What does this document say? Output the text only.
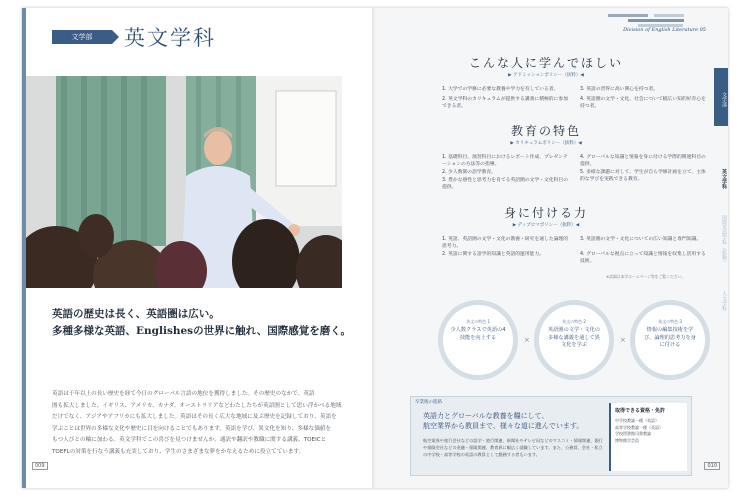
文学部	英文学科
英語の歴史は長く、英語圏は広い。
多種多様な英語、Englishesの世界に触れ、国際感覚を磨く。
英語は千年以上の長い歴史を経て今日のグローバル言語の地位を獲得しました。その歴史のなかで、英語
圏も拡大しました。イギリス、アメリカ、カナダ、オーストラリアなどわたしたちが英語圏として思い浮かべる地域
だけでなく、アジアやアフリカにも拡大しました。英語はその長く広大な地域に及ぶ歴史を記録しており、英語を
学ぶことは世界の多様な文化や歴史に目を向けることでもあります。英語を学び、異文化を知り、多様な価値を
もつ人びとの輪に加わる。英文学科でこの喜びを見つけませんか。通訳や翻訳や教職に関する講義、TOEICと
TOEFLの対策を行なう講義も充実しており、学生のさまざまな夢をかなえるために役立てています。
009
Division of English Literature 05
文学部
英文学科
国際英語学科（仮称）
人文学科
こんな人に学んでほしい
▶ アドミッションポリシー（抜粋）◀
1. 大学での学修に必要な教養や学力を有している者。
2. 英文学科のカリキュラムが提供する講義に積極的に参加できる者。
3. 英語の習得に高い関心を持つ者。
4. 英語圏の文学・文化、社会について幅広い知的好奇心を持つ者。
教育の特色
▶ カリキュラムポリシー（抜粋）◀
1. 基礎科目、演習科目におけるレポート作成、プレゼンテーションの方法等の指導。
2. 少人数制の語学教育。
3. 豊かな感性と思考力を育てる英語圏の文学・文化科目の提供。
4. グローバルな知識と情報を身に付ける学際的関連科目の提供。
5. 多様な課題に対して、学生が自ら学修計画を立て、主体的な学びを実践できる教育。
身に付ける力
▶ ディプロマポリシー（抜粋）◀
1. 英語、英語圏の文学・文化の教養・研究を通した論理的思考力。
2. 英語に関する語学的知識と英語的運用能力。
3. 英語圏の文学・文化についての広い知識と専門知識。
4. グローバルな視点に立って知識と情報を収集し活用する技術。
※詳細は本学ホームページ等をご覧ください。
英文の特色 1
少人数クラスで英語の4技能を向上する	×
英文の特色 2
英語圏の文学・文化の多様な講義を通して異文化を学ぶ
×
英文の特色 3
情報の編集技術を学び、論理的思考力を身に付ける
卒業後の進路
英語力とグローバルな教養を糧にして、
航空業界から教員まで、様々な道に進んでいます。
航空業界や旅行会社などの語学・旅行関連、新聞社やテレビ局などのマスコミ・情報関連、銀行や保険会社などの金融・保険関連、教育界に幅広く就職しています。また、公務員、会社・私立の中学校・高等学校の英語の教員として勤務する者もいます。
取得できる資格・免許
中学校教諭一種（英語）
高等学校教諭一種（英語）
学校図書館司書教諭
博物館学芸員
010
